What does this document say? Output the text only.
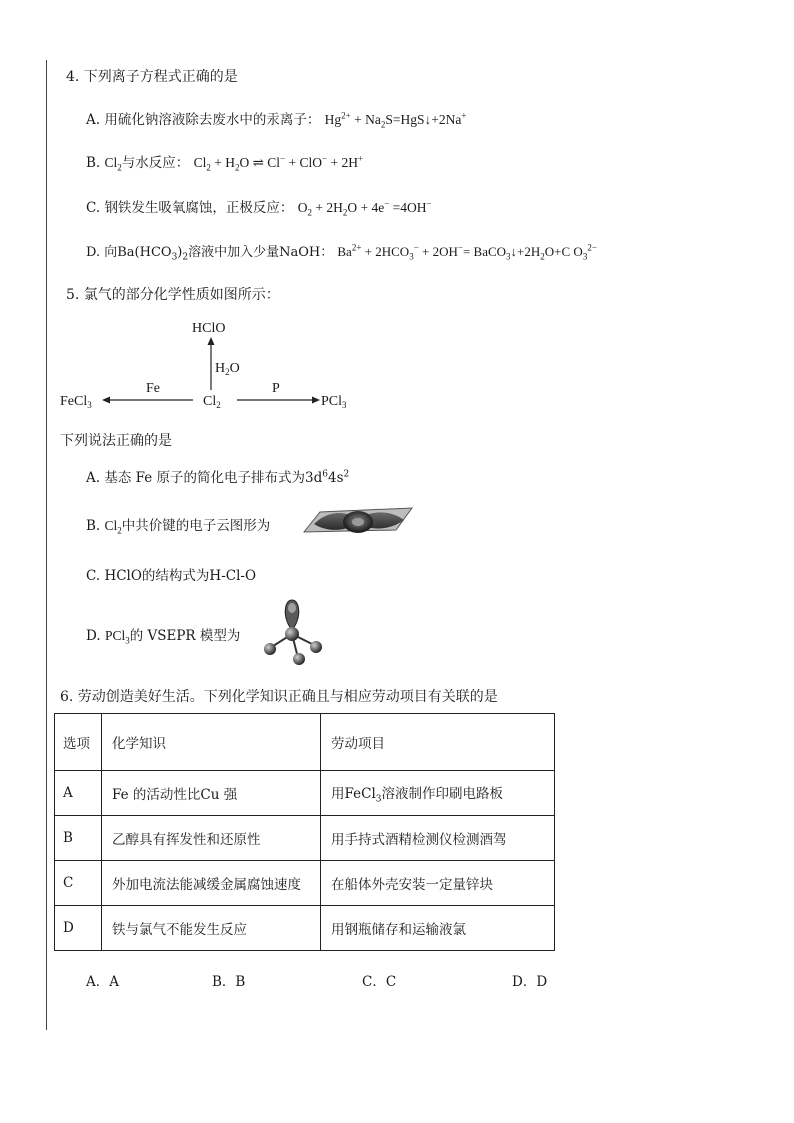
4. 下列离子方程式正确的是
A. 用硫化钠溶液除去废水中的汞离子： $Hg^{2+}$ + $Na_2S=HgS↓+2Na^+$
B. $Cl_2$与水反应： $Cl_2 + H_2O$ ⇌ Cl− + ClO− + 2H+
C. 钢铁发生吸氧腐蚀，正极反应： $O_2 + 2H_2O + 4e^- =4OH^-$
D. 向$Ba(HCO_3)_2$溶液中加入少量NaOH： $Ba^{2+} + 2HCO_3^- + 2OH^-=$ $BaCO_3↓+2H_2O+C$ $O_3^{2-}$
5. 氯气的部分化学性质如图所示：
HClO
$H_2O$
FeCl$_3$
Fe
$Cl_2$
P
PCl$_3$
下列说法正确的是
A. 基态 Fe 原子的简化电子排布式为$3d^64s^2$
B. $Cl_2$中共价键的电子云图形为
C. HClO的结构式为H-Cl-O
D. PCl$_3$的 VSEPR 模型为
6. 劳动创造美好生活。下列化学知识正确且与相应劳动项目有关联的是
选项	化学知识	劳动项目
A	Fe 的活动性比Cu 强	用FeCl$_3$溶液制作印刷电路板
B	乙醇具有挥发性和还原性	用手持式酒精检测仪检测酒驾
C	外加电流法能减缓金属腐蚀速度	在船体外壳安装一定量锌块
D	铁与氯气不能发生反应	用钢瓶储存和运输液氯
A．A	B．B	C．C	D．D
